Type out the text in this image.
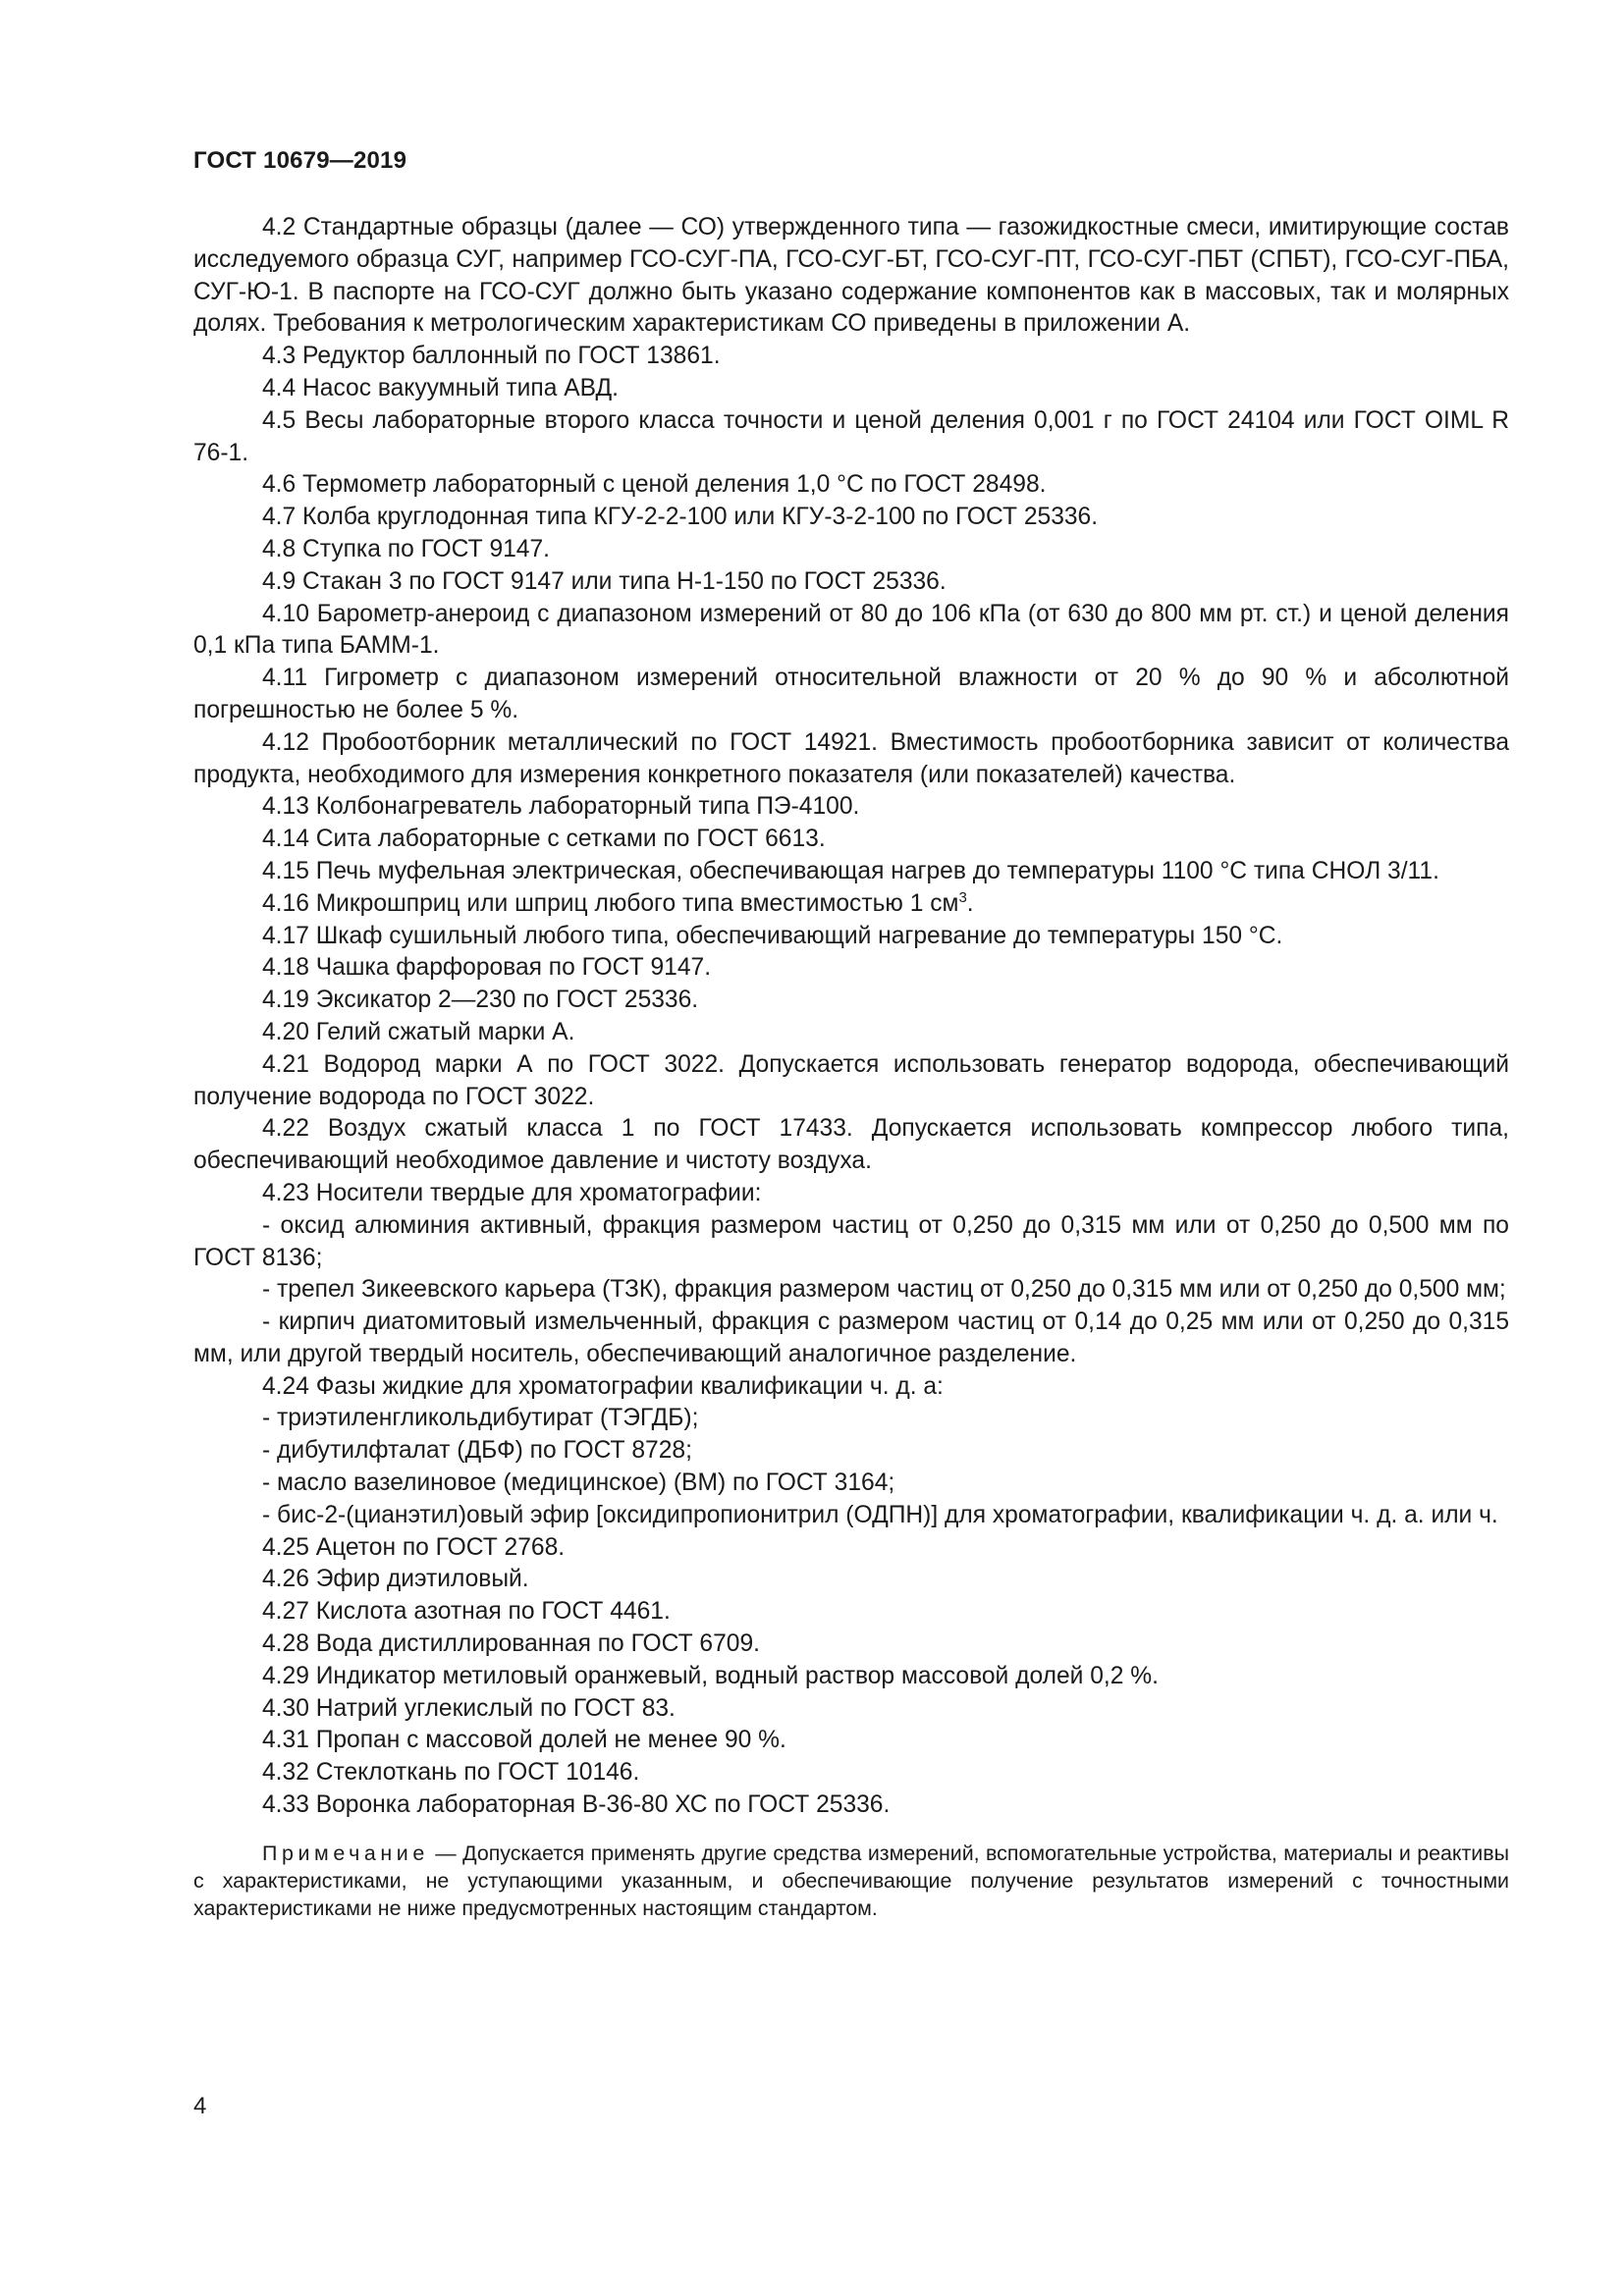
ГОСТ 10679—2019

4.2 Стандартные образцы (далее — СО) утвержденного типа — газожидкостные смеси, имитирующие состав исследуемого образца СУГ, например ГСО-СУГ-ПА, ГСО-СУГ-БТ, ГСО-СУГ-ПТ, ГСО-СУГ-ПБТ (СПБТ), ГСО-СУГ-ПБА, СУГ-Ю-1. В паспорте на ГСО-СУГ должно быть указано содержание компонентов как в массовых, так и молярных долях. Требования к метрологическим характеристикам СО приведены в приложении А.

4.3 Редуктор баллонный по ГОСТ 13861.

4.4 Насос вакуумный типа АВД.

4.5 Весы лабораторные второго класса точности и ценой деления 0,001 г по ГОСТ 24104 или ГОСТ OIML R 76-1.

4.6 Термометр лабораторный с ценой деления 1,0 °С по ГОСТ 28498.

4.7 Колба круглодонная типа КГУ-2-2-100 или КГУ-3-2-100 по ГОСТ 25336.

4.8 Ступка по ГОСТ 9147.

4.9 Стакан 3 по ГОСТ 9147 или типа Н-1-150 по ГОСТ 25336.

4.10 Барометр-анероид с диапазоном измерений от 80 до 106 кПа (от 630 до 800 мм рт. ст.) и ценой деления 0,1 кПа типа БАММ-1.

4.11 Гигрометр с диапазоном измерений относительной влажности от 20 % до 90 % и абсолютной погрешностью не более 5 %.

4.12 Пробоотборник металлический по ГОСТ 14921. Вместимость пробоотборника зависит от количества продукта, необходимого для измерения конкретного показателя (или показателей) качества.

4.13 Колбонагреватель лабораторный типа ПЭ-4100.

4.14 Сита лабораторные с сетками по ГОСТ 6613.

4.15 Печь муфельная электрическая, обеспечивающая нагрев до температуры 1100 °С типа СНОЛ 3/11.

4.16 Микрошприц или шприц любого типа вместимостью 1 $см^3$.

4.17 Шкаф сушильный любого типа, обеспечивающий нагревание до температуры 150 °С.

4.18 Чашка фарфоровая по ГОСТ 9147.

4.19 Эксикатор 2—230 по ГОСТ 25336.

4.20 Гелий сжатый марки А.

4.21 Водород марки А по ГОСТ 3022. Допускается использовать генератор водорода, обеспечивающий получение водорода по ГОСТ 3022.

4.22 Воздух сжатый класса 1 по ГОСТ 17433. Допускается использовать компрессор любого типа, обеспечивающий необходимое давление и чистоту воздуха.

4.23 Носители твердые для хроматографии:

- оксид алюминия активный, фракция размером частиц от 0,250 до 0,315 мм или от 0,250 до 0,500 мм по ГОСТ 8136;

- трепел Зикеевского карьера (ТЗК), фракция размером частиц от 0,250 до 0,315 мм или от 0,250 до 0,500 мм;

- кирпич диатомитовый измельченный, фракция с размером частиц от 0,14 до 0,25 мм или от 0,250 до 0,315 мм, или другой твердый носитель, обеспечивающий аналогичное разделение.

4.24 Фазы жидкие для хроматографии квалификации ч. д. а:

- триэтиленгликольдибутират (ТЭГДБ);

- дибутилфталат (ДБФ) по ГОСТ 8728;

- масло вазелиновое (медицинское) (ВМ) по ГОСТ 3164;

- бис-2-(цианэтил)овый эфир [оксидипропионитрил (ОДПН)] для хроматографии, квалификации ч. д. а. или ч.

4.25 Ацетон по ГОСТ 2768.

4.26 Эфир диэтиловый.

4.27 Кислота азотная по ГОСТ 4461.

4.28 Вода дистиллированная по ГОСТ 6709.

4.29 Индикатор метиловый оранжевый, водный раствор массовой долей 0,2 %.

4.30 Натрий углекислый по ГОСТ 83.

4.31 Пропан с массовой долей не менее 90 %.

4.32 Стеклоткань по ГОСТ 10146.

4.33 Воронка лабораторная В-36-80 ХС по ГОСТ 25336.

Примечание — Допускается применять другие средства измерений, вспомогательные устройства, материалы и реактивы с характеристиками, не уступающими указанным, и обеспечивающие получение результатов измерений с точностными характеристиками не ниже предусмотренных настоящим стандартом.

4
